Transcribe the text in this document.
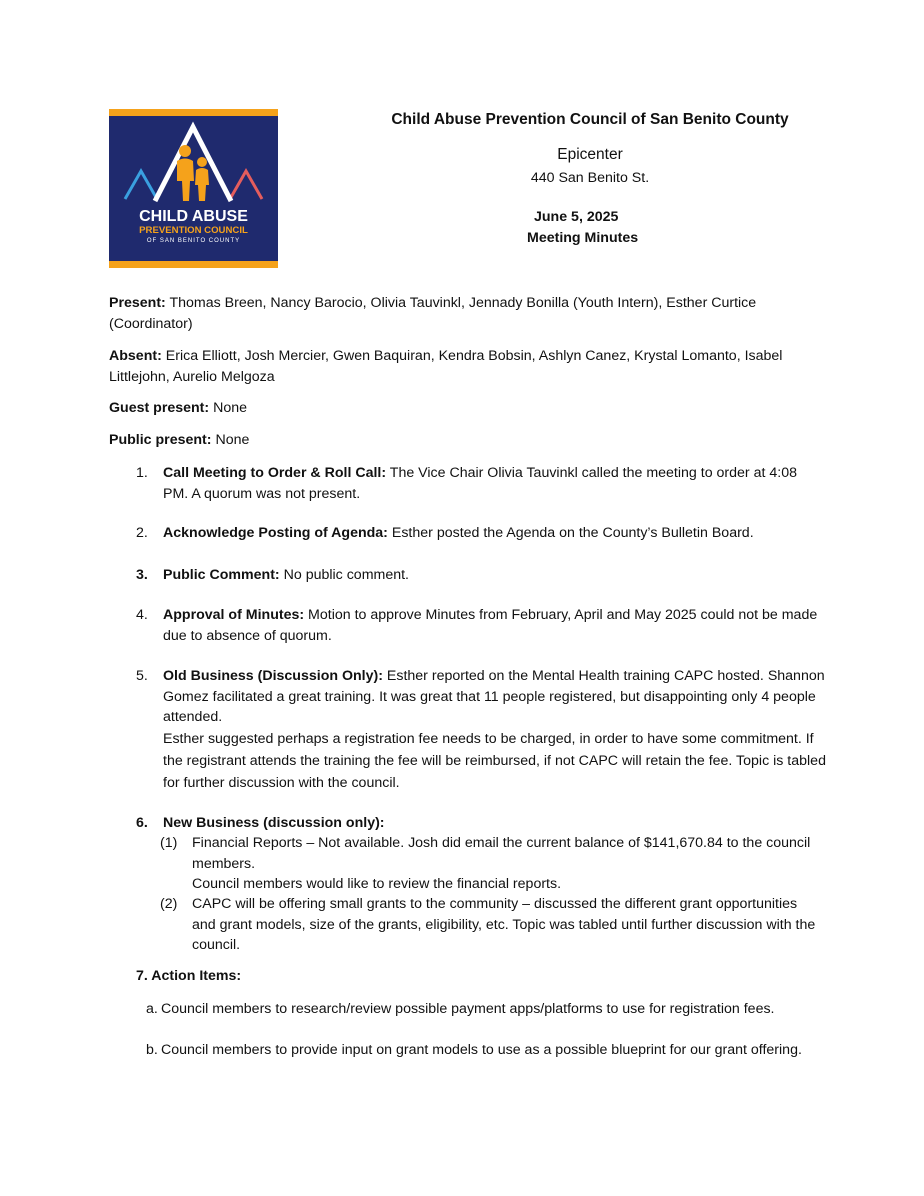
CHILD ABUSE
PREVENTION COUNCIL
OF SAN BENITO COUNTY
Child Abuse Prevention Council of San Benito County
Epicenter
440 San Benito St.
June 5, 2025
Meeting Minutes
Present: Thomas Breen, Nancy Barocio, Olivia Tauvinkl, Jennady Bonilla (Youth Intern), Esther Curtice (Coordinator)
Absent: Erica Elliott, Josh Mercier, Gwen Baquiran, Kendra Bobsin, Ashlyn Canez, Krystal Lomanto, Isabel Littlejohn, Aurelio Melgoza
Guest present: None
Public present: None
1. Call Meeting to Order & Roll Call: The Vice Chair Olivia Tauvinkl called the meeting to order at 4:08 PM. A quorum was not present.
2. Acknowledge Posting of Agenda: Esther posted the Agenda on the County’s Bulletin Board.
3. Public Comment: No public comment.
4. Approval of Minutes: Motion to approve Minutes from February, April and May 2025 could not be made due to absence of quorum.
5. Old Business (Discussion Only): Esther reported on the Mental Health training CAPC hosted. Shannon Gomez facilitated a great training. It was great that 11 people registered, but disappointing only 4 people attended.
Esther suggested perhaps a registration fee needs to be charged, in order to have some commitment. If the registrant attends the training the fee will be reimbursed, if not CAPC will retain the fee. Topic is tabled for further discussion with the council.
6. New Business (discussion only):
(1) Financial Reports – Not available. Josh did email the current balance of $141,670.84 to the council members.
Council members would like to review the financial reports.
(2) CAPC will be offering small grants to the community – discussed the different grant opportunities and grant models, size of the grants, eligibility, etc. Topic was tabled until further discussion with the council.
7. Action Items:
a. Council members to research/review possible payment apps/platforms to use for registration fees.
b. Council members to provide input on grant models to use as a possible blueprint for our grant offering.
